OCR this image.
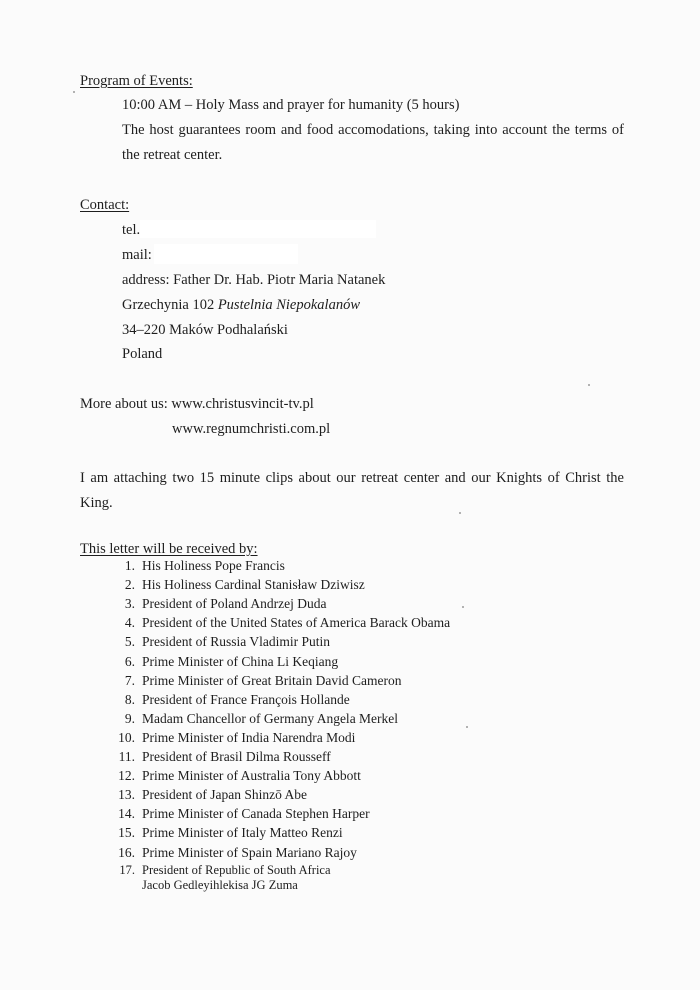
Program of Events:
10:00 AM – Holy Mass and prayer for humanity (5 hours)
The host guarantees room and food accomodations, taking into account the terms of
the retreat center.
Contact:
tel.
mail:
address: Father Dr. Hab. Piotr Maria Natanek
Grzechynia 102 Pustelnia Niepokalanów
34–220 Maków Podhalański
Poland
More about us: www.christusvincit-tv.pl
www.regnumchristi.com.pl
I am attaching two 15 minute clips about our retreat center and our Knights of Christ the
King.
This letter will be received by:
1. His Holiness Pope Francis
2. His Holiness Cardinal Stanisław Dziwisz
3. President of Poland Andrzej Duda
4. President of the United States of America Barack Obama
5. President of Russia Vladimir Putin
6. Prime Minister of China Li Keqiang
7. Prime Minister of Great Britain David Cameron
8. President of France François Hollande
9. Madam Chancellor of Germany Angela Merkel
10. Prime Minister of India Narendra Modi
11. President of Brasil Dilma Rousseff
12. Prime Minister of Australia Tony Abbott
13. President of Japan Shinzō Abe
14. Prime Minister of Canada Stephen Harper
15. Prime Minister of Italy Matteo Renzi
16. Prime Minister of Spain Mariano Rajoy
17. President of Republic of South Africa
Jacob Gedleyihlekisa JG Zuma
